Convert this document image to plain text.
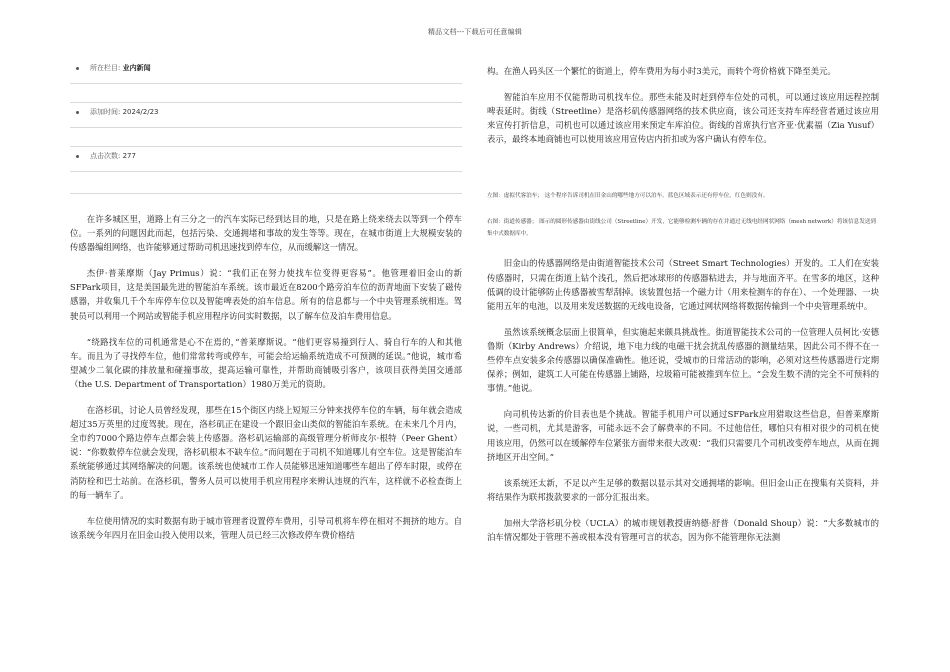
精品文档---下载后可任意编辑
所在栏目: 业内新闻
添加时间: 2024/2/23
点击次数: 277

在许多城区里，道路上有三分之一的汽车实际已经到达目的地，只是在路上绕来绕去以等到一个停车位。一系列的问题因此而起，包括污染、交通拥堵和事故的发生等等。现在，在城市街道上大规模安装的传感器编组网络，也许能够通过帮助司机迅速找到停车位，从而缓解这一情况。

杰伊·普莱摩斯（Jay Primus）说：“我们正在努力使找车位变得更容易”。他管理着旧金山的新SFPark项目，这是美国最先进的智能泊车系统。该市最近在8200个路旁泊车位的沥青地面下安装了磁传感器，并收集几千个车库停车位以及智能啤表处的泊车信息。所有的信息都与一个中央管理系统相连。驾驶员可以利用一个网站或智能手机应用程序访问实时数据，以了解车位及泊车费用信息。

“绕路找车位的司机通常是心不在焉的，”普莱摩斯说。“他们更容易撞到行人、骑自行车的人和其他车。而且为了寻找停车位，他们常常转弯或停车，可能会给运输系统造成不可预测的延误。”他说，城市希望减少二氧化碳的排放量和碰撞事故，提高运输可靠性，并帮助商铺吸引客户，该项目获得美国交通部（the U.S. Department of Transportation）1980万美元的资助。

在洛杉矶，讨论人员曾经发现，那些在15个街区内绕上短短三分钟来找停车位的车辆，每年就会造成超过35万英里的过度驾驶。现在，洛杉矶正在建设一个跟旧金山类似的智能泊车系统。在未来几个月内，全市约7000个路边停车点都会装上传感器。洛杉矶运输部的高级管理分析师皮尔·根特（Peer Ghent）说：“你数数停车位就会发现，洛杉矶根本不缺车位。”而问题在于司机不知道哪儿有空车位。这是智能泊车系统能够通过其网络解决的问题。该系统也使城市工作人员能够迅速知道哪些车超出了停车时限，或停在消防栓和巴士站前。在洛杉矶，警务人员可以使用手机应用程序来辨认违规的汽车，这样就不必检查街上的每一辆车了。

车位使用情况的实时数据有助于城市管理者设置停车费用，引导司机将车停在相对不拥挤的地方。自该系统今年四月在旧金山投入使用以来，管理人员已经三次修改停车费价格结

构。在渔人码头区一个繁忙的街道上，停车费用为每小时3美元，而转个弯价格就下降至美元。

智能泊车应用不仅能帮助司机找车位。那些未能及时赶到停车位处的司机，可以通过该应用远程控制啤表延时。街线（Streetline）是洛杉矶传感器网络的技术供应商，该公司还支持车库经营者通过该应用来宣传打折信息，司机也可以通过该应用来预定车库泊位。街线的首席执行官齐亚·优素福（Zia Yusuf）表示，最终本地商铺也可以使用该应用宣传店内折扣或为客户确认有停车位。

左图：虚拟代客泊车； 这个程序告诉司机在旧金山的哪些地方可以泊车。蓝色区域表示还有停车位，红色则没有。

右图：街道传感器； 图示的圆形传感器由街线公司（Streetline）开发，它能够检测车辆的存在并通过无线电经网状网络（mesh network）将该信息发送到集中式数据库中。

旧金山的传感器网络是由街道智能技术公司（Street Smart Technologies）开发的。工人们在安装传感器时，只需在街道上钻个浅孔，然后把冰球形的传感器粘进去，并与地面齐平。在雪多的地区，这种低调的设计能够防止传感器被雪犁刮掉。该装置包括一个磁力计（用来检测车的存在）、一个处理器、一块能用五年的电池，以及用来发送数据的无线电设备，它通过网状网络将数据传输到一个中央管理系统中。

虽然该系统概念层面上很简单，但实施起来颇具挑战性。街道智能技术公司的一位管理人员柯比·安德鲁斯（Kirby Andrews）介绍说，地下电力线的电磁干扰会扰乱传感器的测量结果，因此公司不得不在一些停车点安装多余传感器以确保准确性。他还说，受城市的日常活动的影响，必须对这些传感器进行定期保养；例如，建筑工人可能在传感器上铺路，垃圾箱可能被推到车位上。“会发生数不清的完全不可预料的事情。”他说。

向司机传达新的价目表也是个挑战。智能手机用户可以通过SFPark应用猎取这些信息，但普莱摩斯说，一些司机，尤其是游客，可能永远不会了解费率的不同。不过他信任，哪怕只有相对很少的司机在使用该应用，仍然可以在缓解停车位紧张方面带来很大改观：“我们只需要几个司机改变停车地点，从而在拥挤地区开出空间。”

该系统还太新，不足以产生足够的数据以显示其对交通拥堵的影响。但旧金山正在搜集有关资料，并将结果作为联邦拨款要求的一部分汇报出来。

加州大学洛杉矶分校（UCLA）的城市规划教授唐纳德·舒普（Donald Shoup）说：“大多数城市的泊车情况都处于管理不善或根本没有管理可言的状态，因为你不能管理你无法测
